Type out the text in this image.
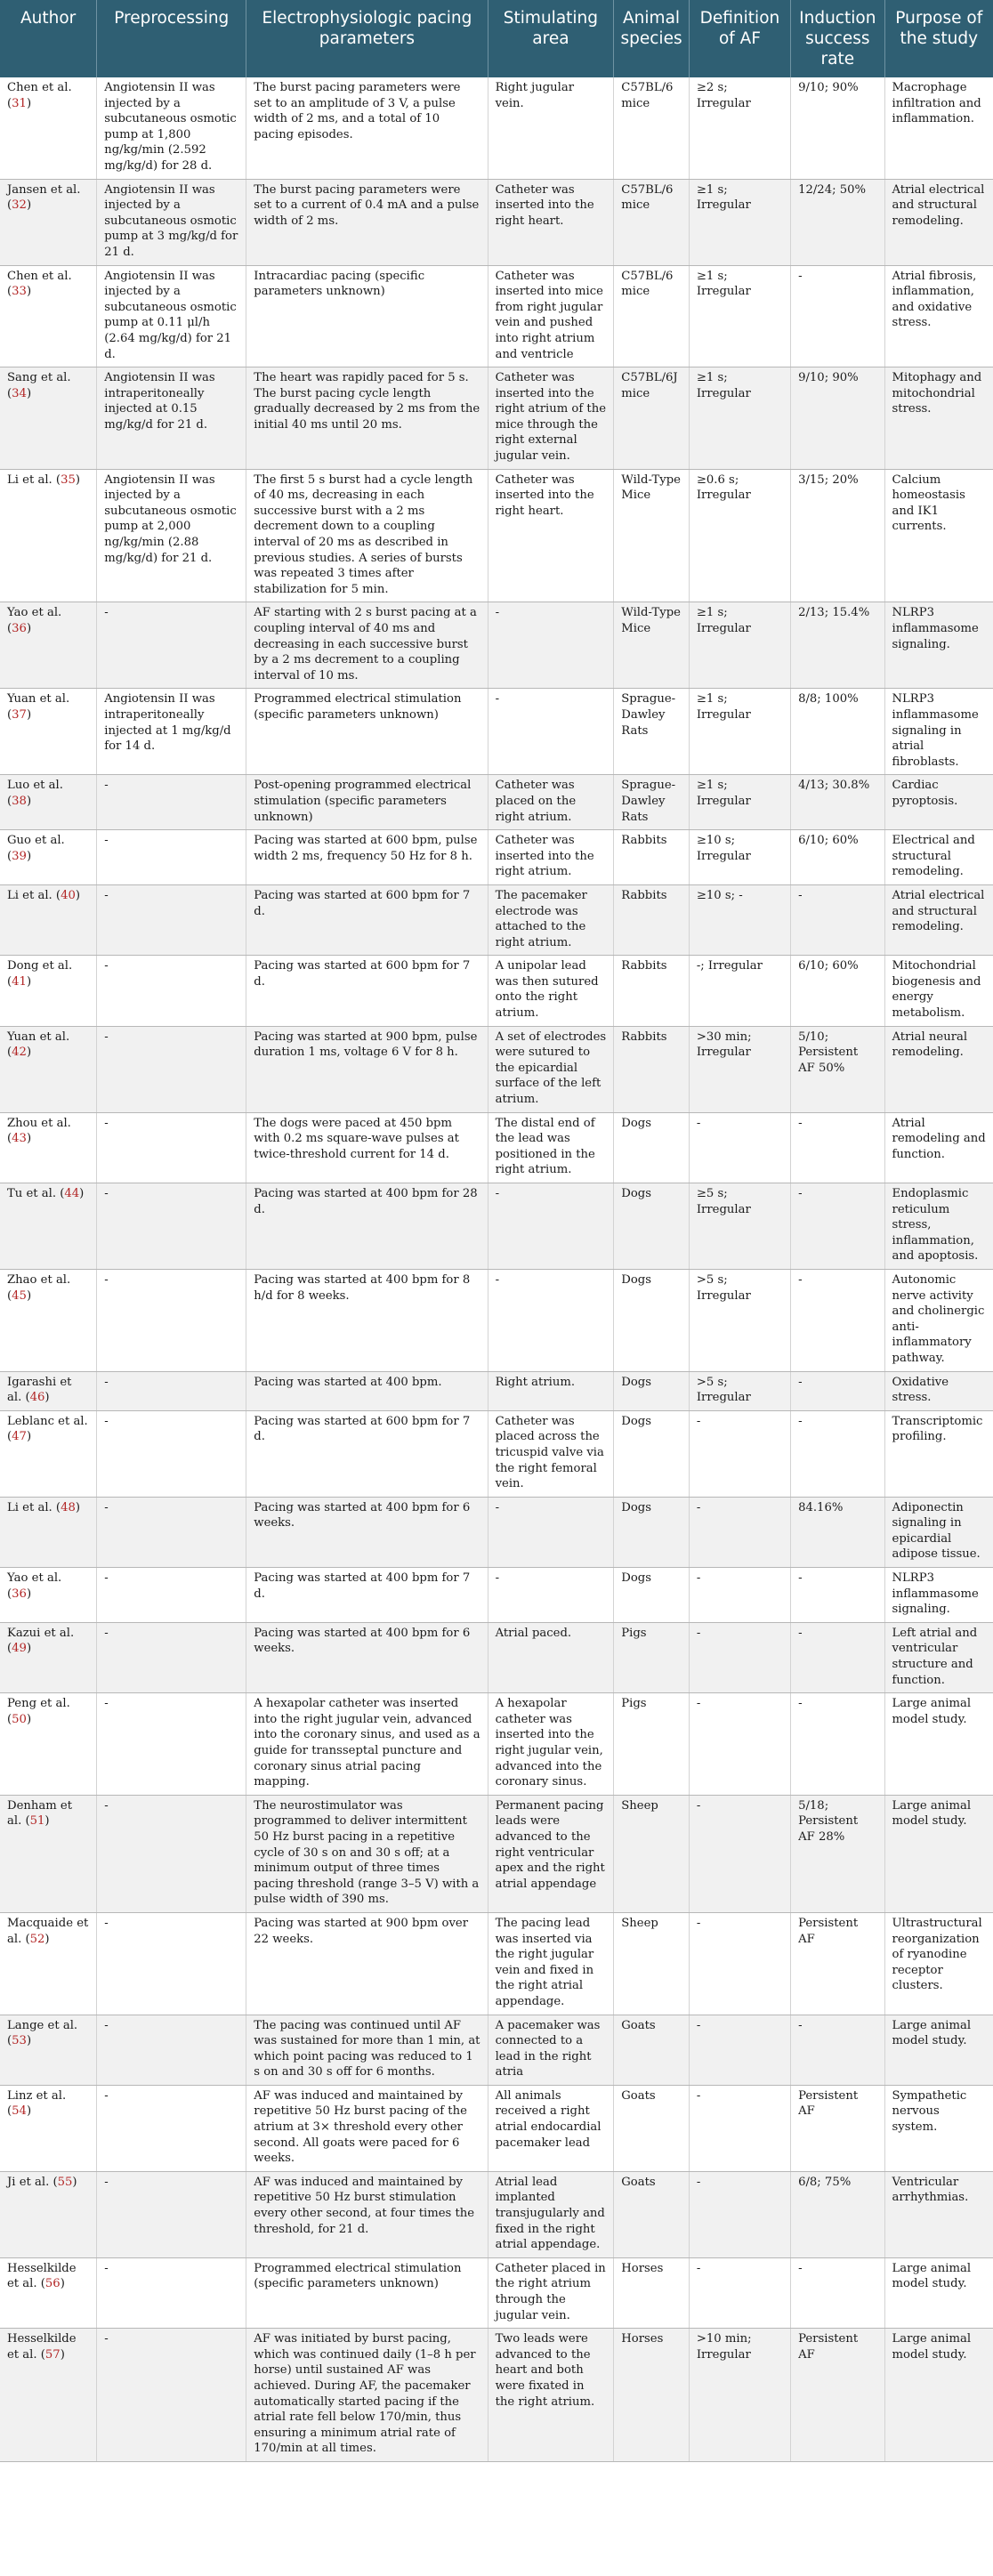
Author	Preprocessing	Electrophysiologic pacing parameters	Stimulating area	Animal species	Definition of AF	Induction success rate	Purpose of the study
Chen et al. (31)	Angiotensin II was injected by a subcutaneous osmotic pump at 1,800 ng/kg/min (2.592 mg/kg/d) for 28 d.	The burst pacing parameters were set to an amplitude of 3 V, a pulse width of 2 ms, and a total of 10 pacing episodes.	Right jugular vein.	C57BL/6 mice	≥2 s; Irregular	9/10; 90%	Macrophage infiltration and inflammation.
Jansen et al. (32)	Angiotensin II was injected by a subcutaneous osmotic pump at 3 mg/kg/d for 21 d.	The burst pacing parameters were set to a current of 0.4 mA and a pulse width of 2 ms.	Catheter was inserted into the right heart.	C57BL/6 mice	≥1 s; Irregular	12/24; 50%	Atrial electrical and structural remodeling.
Chen et al. (33)	Angiotensin II was injected by a subcutaneous osmotic pump at 0.11 μl/h (2.64 mg/kg/d) for 21 d.	Intracardiac pacing (specific parameters unknown)	Catheter was inserted into mice from right jugular vein and pushed into right atrium and ventricle	C57BL/6 mice	≥1 s; Irregular	-	Atrial fibrosis, inflammation, and oxidative stress.
Sang et al. (34)	Angiotensin II was intraperitoneally injected at 0.15 mg/kg/d for 21 d.	The heart was rapidly paced for 5 s. The burst pacing cycle length gradually decreased by 2 ms from the initial 40 ms until 20 ms.	Catheter was inserted into the right atrium of the mice through the right external jugular vein.	C57BL/6J mice	≥1 s; Irregular	9/10; 90%	Mitophagy and mitochondrial stress.
Li et al. (35)	Angiotensin II was injected by a subcutaneous osmotic pump at 2,000 ng/kg/min (2.88 mg/kg/d) for 21 d.	The first 5 s burst had a cycle length of 40 ms, decreasing in each successive burst with a 2 ms decrement down to a coupling interval of 20 ms as described in previous studies. A series of bursts was repeated 3 times after stabilization for 5 min.	Catheter was inserted into the right heart.	Wild-Type Mice	≥0.6 s; Irregular	3/15; 20%	Calcium homeostasis and IK1 currents.
Yao et al. (36)	-	AF starting with 2 s burst pacing at a coupling interval of 40 ms and decreasing in each successive burst by a 2 ms decrement to a coupling interval of 10 ms.	-	Wild-Type Mice	≥1 s; Irregular	2/13; 15.4%	NLRP3 inflammasome signaling.
Yuan et al. (37)	Angiotensin II was intraperitoneally injected at 1 mg/kg/d for 14 d.	Programmed electrical stimulation (specific parameters unknown)	-	Sprague-Dawley Rats	≥1 s; Irregular	8/8; 100%	NLRP3 inflammasome signaling in atrial fibroblasts.
Luo et al. (38)	-	Post-opening programmed electrical stimulation (specific parameters unknown)	Catheter was placed on the right atrium.	Sprague-Dawley Rats	≥1 s; Irregular	4/13; 30.8%	Cardiac pyroptosis.
Guo et al. (39)	-	Pacing was started at 600 bpm, pulse width 2 ms, frequency 50 Hz for 8 h.	Catheter was inserted into the right atrium.	Rabbits	≥10 s; Irregular	6/10; 60%	Electrical and structural remodeling.
Li et al. (40)	-	Pacing was started at 600 bpm for 7 d.	The pacemaker electrode was attached to the right atrium.	Rabbits	≥10 s; -	-	Atrial electrical and structural remodeling.
Dong et al. (41)	-	Pacing was started at 600 bpm for 7 d.	A unipolar lead was then sutured onto the right atrium.	Rabbits	-; Irregular	6/10; 60%	Mitochondrial biogenesis and energy metabolism.
Yuan et al. (42)	-	Pacing was started at 900 bpm, pulse duration 1 ms, voltage 6 V for 8 h.	A set of electrodes were sutured to the epicardial surface of the left atrium.	Rabbits	>30 min; Irregular	5/10; Persistent AF 50%	Atrial neural remodeling.
Zhou et al. (43)	-	The dogs were paced at 450 bpm with 0.2 ms square-wave pulses at twice-threshold current for 14 d.	The distal end of the lead was positioned in the right atrium.	Dogs	-	-	Atrial remodeling and function.
Tu et al. (44)	-	Pacing was started at 400 bpm for 28 d.	-	Dogs	≥5 s; Irregular	-	Endoplasmic reticulum stress, inflammation, and apoptosis.
Zhao et al. (45)	-	Pacing was started at 400 bpm for 8 h/d for 8 weeks.	-	Dogs	>5 s; Irregular	-	Autonomic nerve activity and cholinergic anti-inflammatory pathway.
Igarashi et al. (46)	-	Pacing was started at 400 bpm.	Right atrium.	Dogs	>5 s; Irregular	-	Oxidative stress.
Leblanc et al. (47)	-	Pacing was started at 600 bpm for 7 d.	Catheter was placed across the tricuspid valve via the right femoral vein.	Dogs	-	-	Transcriptomic profiling.
Li et al. (48)	-	Pacing was started at 400 bpm for 6 weeks.	-	Dogs	-	84.16%	Adiponectin signaling in epicardial adipose tissue.
Yao et al. (36)	-	Pacing was started at 400 bpm for 7 d.	-	Dogs	-	-	NLRP3 inflammasome signaling.
Kazui et al. (49)	-	Pacing was started at 400 bpm for 6 weeks.	Atrial paced.	Pigs	-	-	Left atrial and ventricular structure and function.
Peng et al. (50)	-	A hexapolar catheter was inserted into the right jugular vein, advanced into the coronary sinus, and used as a guide for transseptal puncture and coronary sinus atrial pacing mapping.	A hexapolar catheter was inserted into the right jugular vein, advanced into the coronary sinus.	Pigs	-	-	Large animal model study.
Denham et al. (51)	-	The neurostimulator was programmed to deliver intermittent 50 Hz burst pacing in a repetitive cycle of 30 s on and 30 s off; at a minimum output of three times pacing threshold (range 3–5 V) with a pulse width of 390 ms.	Permanent pacing leads were advanced to the right ventricular apex and the right atrial appendage	Sheep	-	5/18; Persistent AF 28%	Large animal model study.
Macquaide et al. (52)	-	Pacing was started at 900 bpm over 22 weeks.	The pacing lead was inserted via the right jugular vein and fixed in the right atrial appendage.	Sheep	-	Persistent AF	Ultrastructural reorganization of ryanodine receptor clusters.
Lange et al. (53)	-	The pacing was continued until AF was sustained for more than 1 min, at which point pacing was reduced to 1 s on and 30 s off for 6 months.	A pacemaker was connected to a lead in the right atria	Goats	-	-	Large animal model study.
Linz et al. (54)	-	AF was induced and maintained by repetitive 50 Hz burst pacing of the atrium at 3× threshold every other second. All goats were paced for 6 weeks.	All animals received a right atrial endocardial pacemaker lead	Goats	-	Persistent AF	Sympathetic nervous system.
Ji et al. (55)	-	AF was induced and maintained by repetitive 50 Hz burst stimulation every other second, at four times the threshold, for 21 d.	Atrial lead implanted transjugularly and fixed in the right atrial appendage.	Goats	-	6/8; 75%	Ventricular arrhythmias.
Hesselkilde et al. (56)	-	Programmed electrical stimulation (specific parameters unknown)	Catheter placed in the right atrium through the jugular vein.	Horses	-	-	Large animal model study.
Hesselkilde et al. (57)	-	AF was initiated by burst pacing, which was continued daily (1–8 h per horse) until sustained AF was achieved. During AF, the pacemaker automatically started pacing if the atrial rate fell below 170/min, thus ensuring a minimum atrial rate of 170/min at all times.	Two leads were advanced to the heart and both were fixated in the right atrium.	Horses	>10 min; Irregular	Persistent AF	Large animal model study.
